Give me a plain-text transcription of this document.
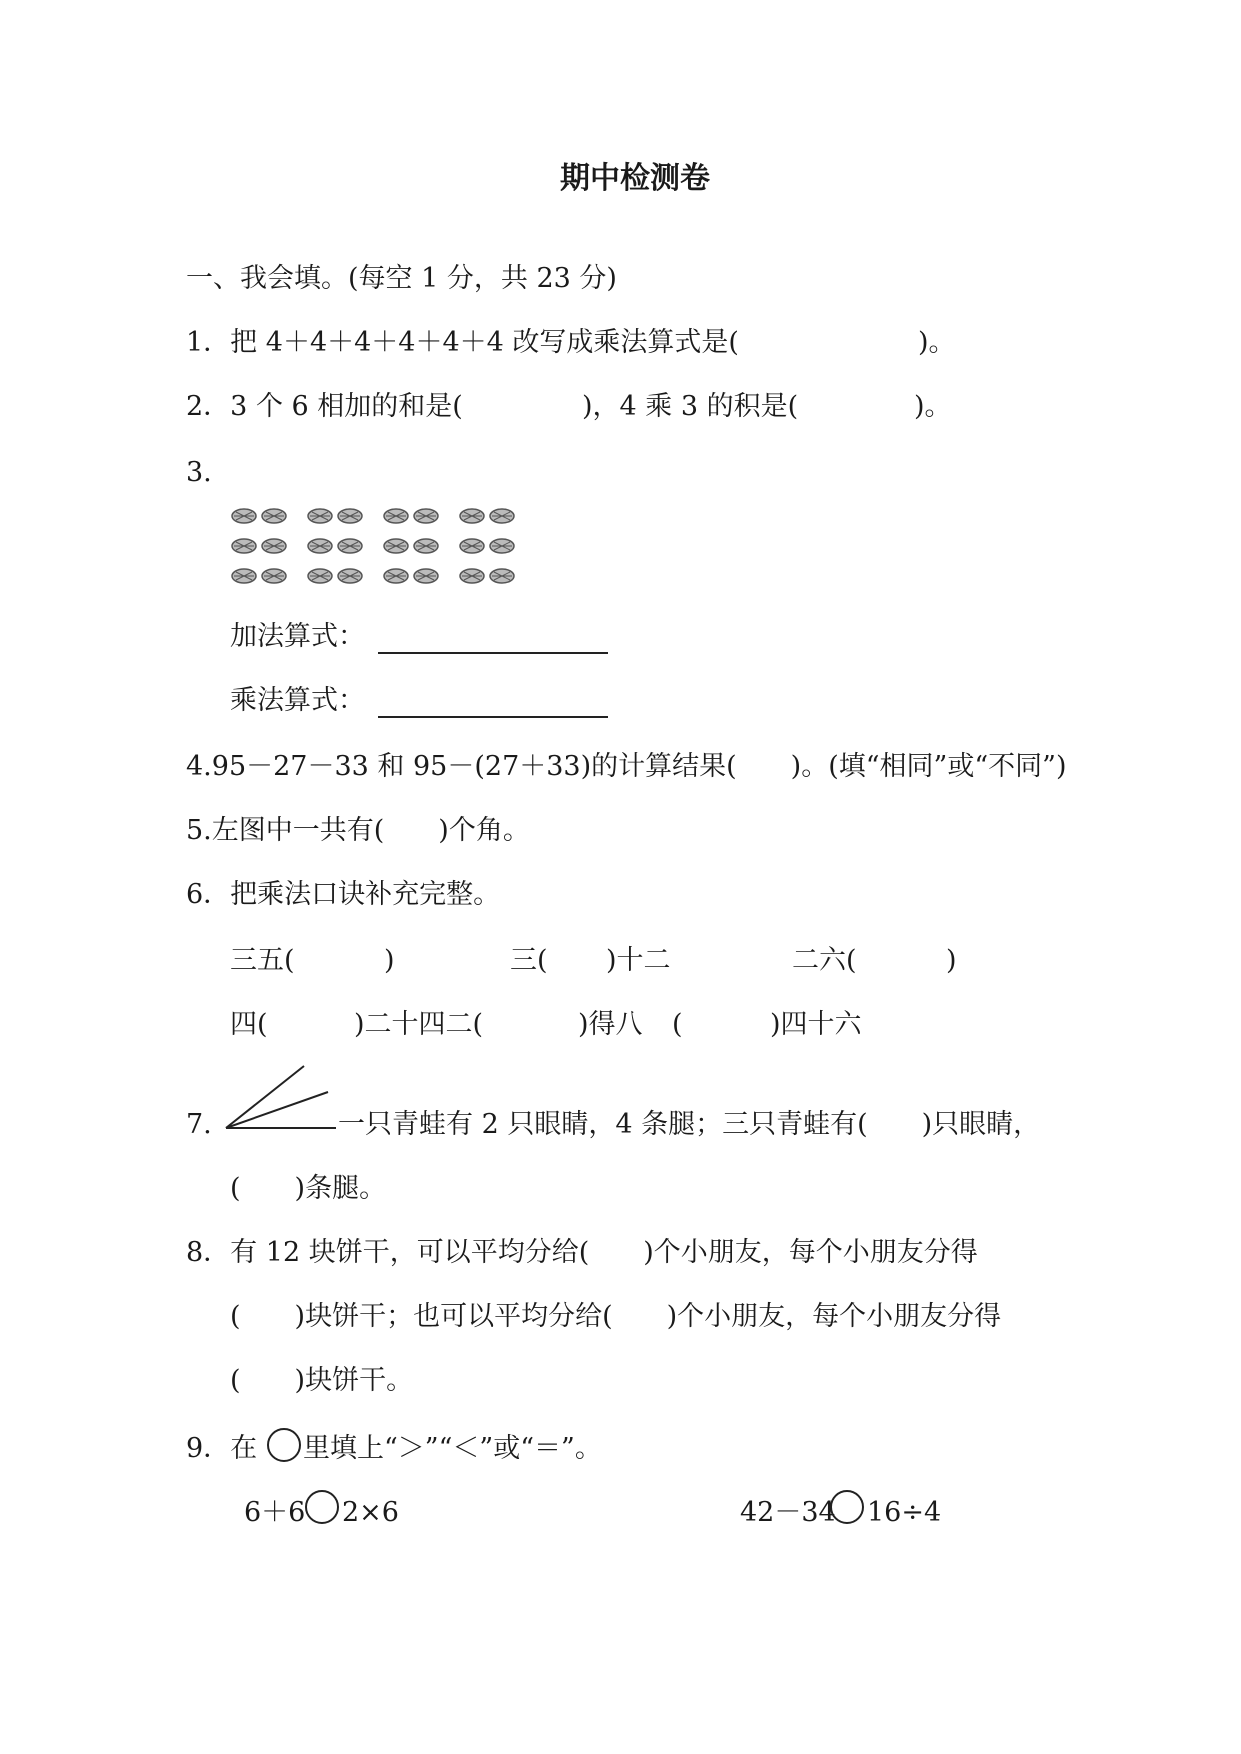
期中检测卷
一、我会填。(每空 1 分，共 23 分)
1．把 4＋4＋4＋4＋4＋4 改写成乘法算式是(	)。
2．3 个 6 相加的和是(	)，4 乘 3 的积是(	)。
3.
加法算式：
乘法算式：
4.95－27－33 和 95－(27＋33)的计算结果(　　)。(填“相同”或“不同”)
5.左图中一共有(　　)个角。
6．把乘法口诀补充完整。
三五(	)	三( )十二	二六(	)
四(	)二十四二(	)得八 (	)四十六
7.	一只青蛙有 2 只眼睛，4 条腿；三只青蛙有(　　)只眼睛，
(　　)条腿。
8．有 12 块饼干，可以平均分给(　　)个小朋友，每个小朋友分得
(　　)块饼干；也可以平均分给(　　)个小朋友，每个小朋友分得
(　　)块饼干。
9．在 里填上“＞”“＜”或“＝”。
6＋6 2×6	42－34 16÷4
